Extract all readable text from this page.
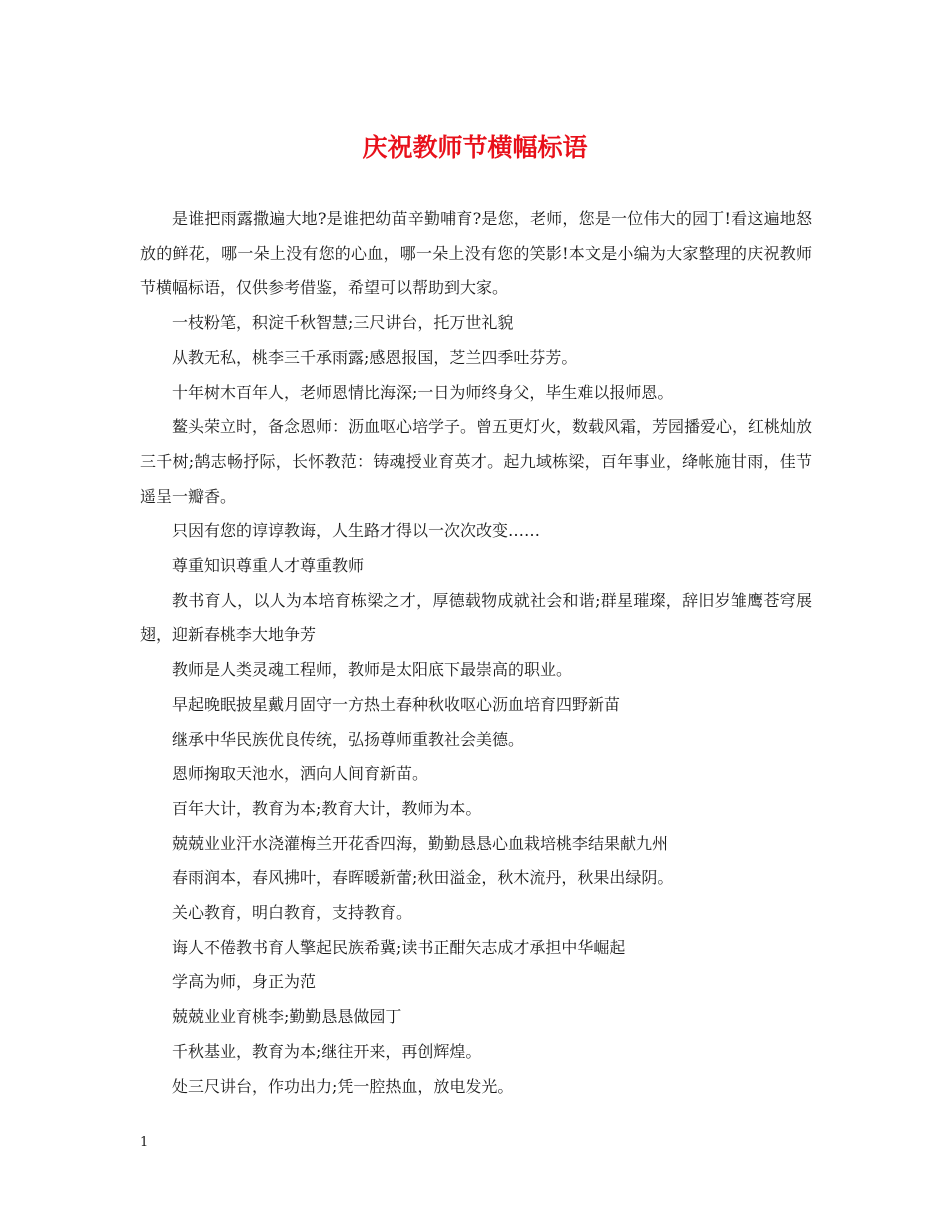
庆祝教师节横幅标语

是谁把雨露撒遍大地?是谁把幼苗辛勤哺育?是您，老师，您是一位伟大的园丁!看这遍地怒放的鲜花，哪一朵上没有您的心血，哪一朵上没有您的笑影!本文是小编为大家整理的庆祝教师节横幅标语，仅供参考借鉴，希望可以帮助到大家。

一枝粉笔，积淀千秋智慧;三尺讲台，托万世礼貌

从教无私，桃李三千承雨露;感恩报国，芝兰四季吐芬芳。

十年树木百年人，老师恩情比海深;一日为师终身父，毕生难以报师恩。

鳌头荣立时，备念恩师：沥血呕心培学子。曾五更灯火，数载风霜，芳园播爱心，红桃灿放三千树;鹄志畅抒际，长怀教范：铸魂授业育英才。起九域栋梁，百年事业，绛帐施甘雨，佳节遥呈一瓣香。

只因有您的谆谆教诲，人生路才得以一次次改变……

尊重知识尊重人才尊重教师

教书育人，以人为本培育栋梁之才，厚德载物成就社会和谐;群星璀璨，辞旧岁雏鹰苍穹展翅，迎新春桃李大地争芳

教师是人类灵魂工程师，教师是太阳底下最崇高的职业。

早起晚眠披星戴月固守一方热土春种秋收呕心沥血培育四野新苗

继承中华民族优良传统，弘扬尊师重教社会美德。

恩师掬取天池水，洒向人间育新苗。

百年大计，教育为本;教育大计，教师为本。

兢兢业业汗水浇灌梅兰开花香四海，勤勤恳恳心血栽培桃李结果献九州

春雨润本，春风拂叶，春晖暖新蕾;秋田溢金，秋木流丹，秋果出绿阴。

关心教育，明白教育，支持教育。

诲人不倦教书育人擎起民族希冀;读书正酣矢志成才承担中华崛起

学高为师，身正为范

兢兢业业育桃李;勤勤恳恳做园丁

千秋基业，教育为本;继往开来，再创辉煌。

处三尺讲台，作功出力;凭一腔热血，放电发光。

1
